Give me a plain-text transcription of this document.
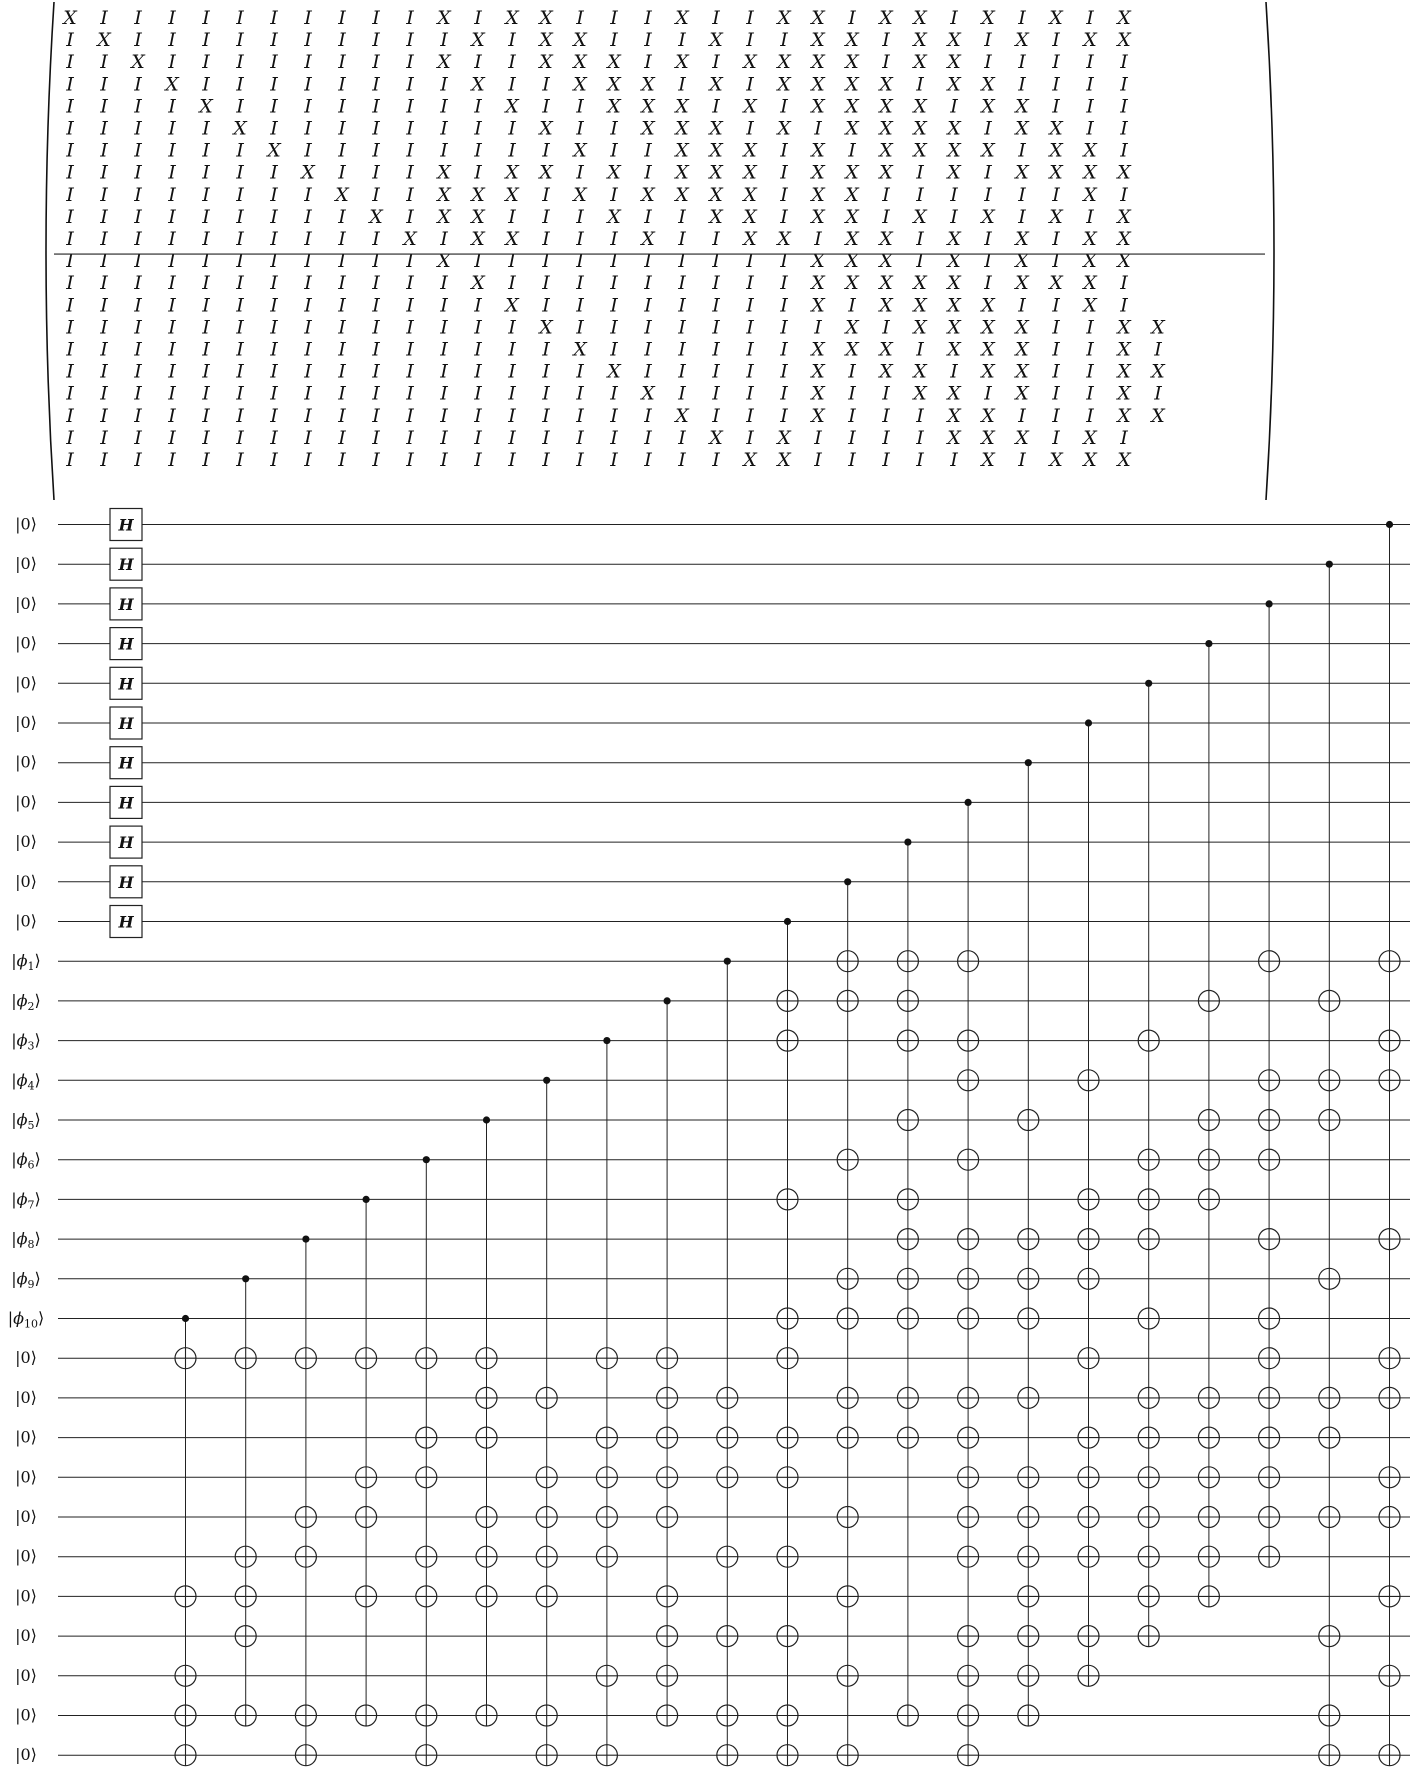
X I I I I I I I I I I X I X X I I I X I I X X I X X I X I X I X
I X I I I I I I I I I I X I X X I I I X I I X X I X X I X I X X
I I X I I I I I I I I X I I X X X I X I X X X X I X X I I I I I
I I I X I I I I I I I I X I I X X X I X I X X X X I X X I I I I
I I I I X I I I I I I I I X I I X X X I X I X X X X I X X I I I
I I I I I X I I I I I I I I X I I X X X I X I X X X X I X X I I
I I I I I I X I I I I I I I I X I I X X X I X I X X X X I X X I
I I I I I I I X I I I X I X X I X I X X X I X X X I X I X X X X
I I I I I I I I X I I X X X I X I X X X X I X X I I I I I I X I
I I I I I I I I I X I X X I I I X I I X X I X X I X I X I X I X
I I I I I I I I I I X I X X I I I X I I X X I X X I X I X I X X
I I I I I I I I I I I X I I I I I I I I I I X X X I X I X I X X
I I I I I I I I I I I I X I I I I I I I I I X X X X X I X X X I
I I I I I I I I I I I I I X I I I I I I I I X I X X X X I I X I
I I I I I I I I I I I I I I X I I I I I I I I X I X X X X I I X X
I I I I I I I I I I I I I I I X I I I I I I X X X I X X X I I X I
I I I I I I I I I I I I I I I I X I I I I I X I X X I X X I I X X
I I I I I I I I I I I I I I I I I X I I I I X I I X X I X I I X I
I I I I I I I I I I I I I I I I I I X I I I X I I I X X I I I X X
I I I I I I I I I I I I I I I I I I I X I X I I I I X X X I X I
I I I I I I I I I I I I I I I I I I I I X X I I I I I X I X X X
|0⟩
|0⟩
|0⟩
|0⟩
|0⟩
|0⟩
|0⟩
|0⟩
|0⟩
|0⟩
|0⟩
$|\phi_1⟩$
$|\phi_2⟩$
$|\phi_3⟩$
$|\phi_4⟩$
$|\phi_5⟩$
$|\phi_6⟩$
$|\phi_7⟩$
$|\phi_8⟩$
$|\phi_9⟩$
$|\phi_{10}⟩$
|0⟩
|0⟩
|0⟩
|0⟩
|0⟩
|0⟩
|0⟩
|0⟩
|0⟩
|0⟩
|0⟩
H
H
H
H
H
H
H
H
H
H
H
